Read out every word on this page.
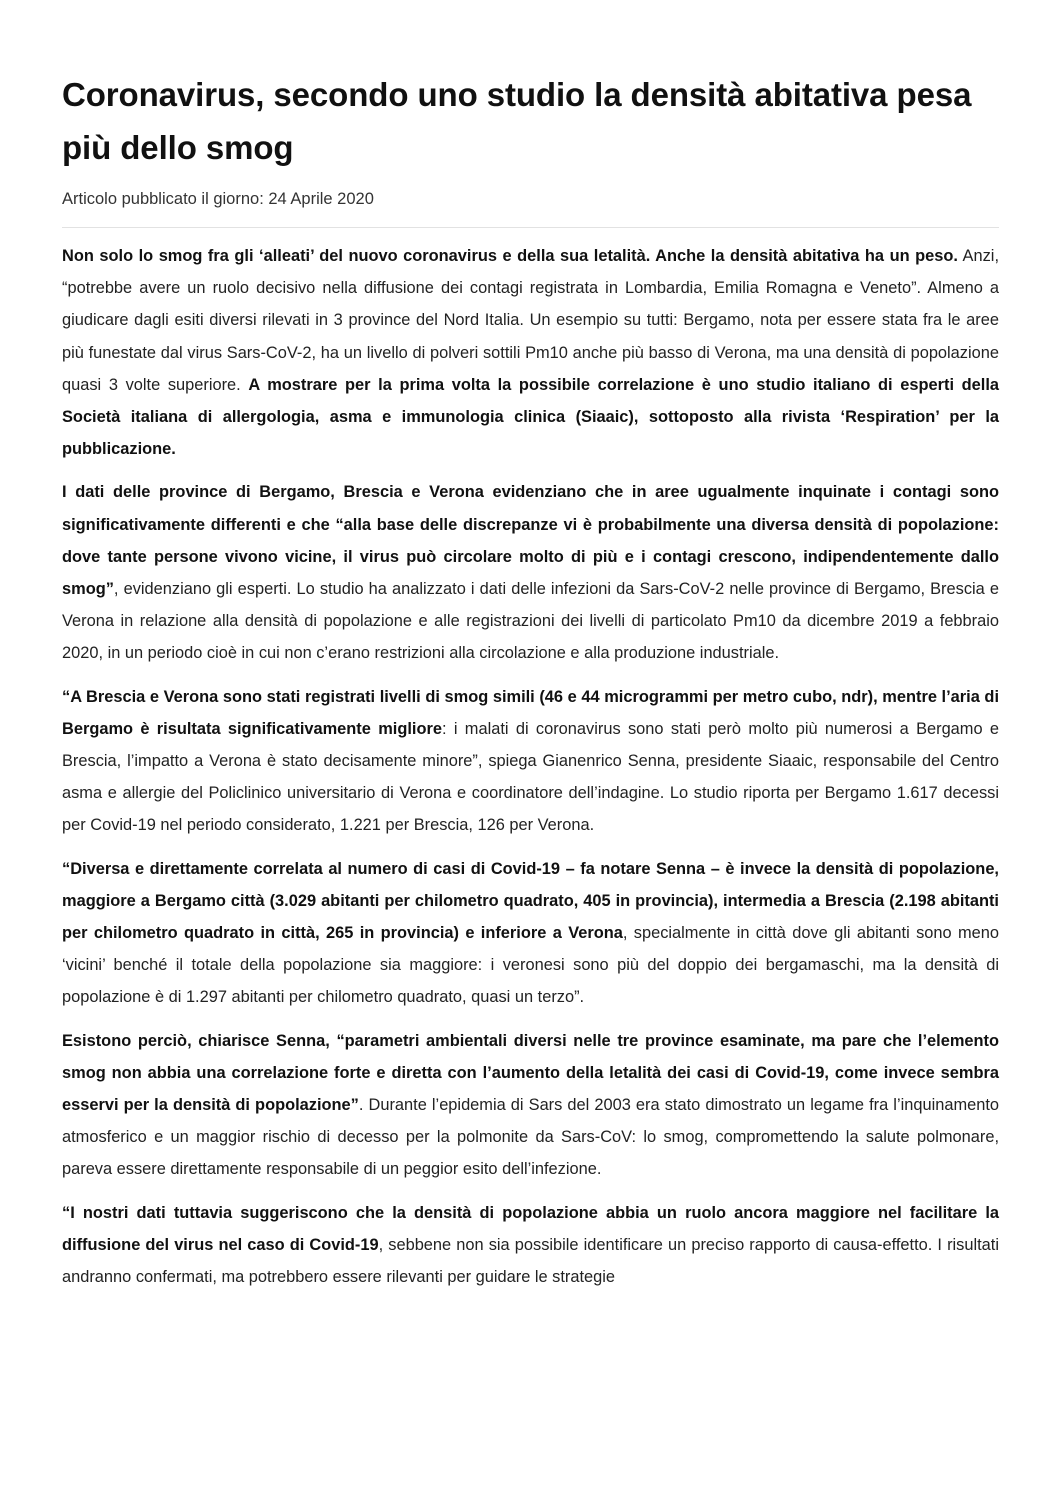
Coronavirus, secondo uno studio la densità abitativa pesa più dello smog
Articolo pubblicato il giorno: 24 Aprile 2020

Non solo lo smog fra gli ‘alleati’ del nuovo coronavirus e della sua letalità. Anche la densità abitativa ha un peso. Anzi, “potrebbe avere un ruolo decisivo nella diffusione dei contagi registrata in Lombardia, Emilia Romagna e Veneto”. Almeno a giudicare dagli esiti diversi rilevati in 3 province del Nord Italia. Un esempio su tutti: Bergamo, nota per essere stata fra le aree più funestate dal virus Sars-CoV-2, ha un livello di polveri sottili Pm10 anche più basso di Verona, ma una densità di popolazione quasi 3 volte superiore. A mostrare per la prima volta la possibile correlazione è uno studio italiano di esperti della Società italiana di allergologia, asma e immunologia clinica (Siaaic), sottoposto alla rivista ‘Respiration’ per la pubblicazione.

I dati delle province di Bergamo, Brescia e Verona evidenziano che in aree ugualmente inquinate i contagi sono significativamente differenti e che “alla base delle discrepanze vi è probabilmente una diversa densità di popolazione: dove tante persone vivono vicine, il virus può circolare molto di più e i contagi crescono, indipendentemente dallo smog”, evidenziano gli esperti. Lo studio ha analizzato i dati delle infezioni da Sars-CoV-2 nelle province di Bergamo, Brescia e Verona in relazione alla densità di popolazione e alle registrazioni dei livelli di particolato Pm10 da dicembre 2019 a febbraio 2020, in un periodo cioè in cui non c’erano restrizioni alla circolazione e alla produzione industriale.

“A Brescia e Verona sono stati registrati livelli di smog simili (46 e 44 microgrammi per metro cubo, ndr), mentre l’aria di Bergamo è risultata significativamente migliore: i malati di coronavirus sono stati però molto più numerosi a Bergamo e Brescia, l’impatto a Verona è stato decisamente minore”, spiega Gianenrico Senna, presidente Siaaic, responsabile del Centro asma e allergie del Policlinico universitario di Verona e coordinatore dell’indagine. Lo studio riporta per Bergamo 1.617 decessi per Covid-19 nel periodo considerato, 1.221 per Brescia, 126 per Verona.

“Diversa e direttamente correlata al numero di casi di Covid-19 – fa notare Senna – è invece la densità di popolazione, maggiore a Bergamo città (3.029 abitanti per chilometro quadrato, 405 in provincia), intermedia a Brescia (2.198 abitanti per chilometro quadrato in città, 265 in provincia) e inferiore a Verona, specialmente in città dove gli abitanti sono meno ‘vicini’ benché il totale della popolazione sia maggiore: i veronesi sono più del doppio dei bergamaschi, ma la densità di popolazione è di 1.297 abitanti per chilometro quadrato, quasi un terzo”.

Esistono perciò, chiarisce Senna, “parametri ambientali diversi nelle tre province esaminate, ma pare che l’elemento smog non abbia una correlazione forte e diretta con l’aumento della letalità dei casi di Covid-19, come invece sembra esservi per la densità di popolazione”. Durante l’epidemia di Sars del 2003 era stato dimostrato un legame fra l’inquinamento atmosferico e un maggior rischio di decesso per la polmonite da Sars-CoV: lo smog, compromettendo la salute polmonare, pareva essere direttamente responsabile di un peggior esito dell’infezione.

“I nostri dati tuttavia suggeriscono che la densità di popolazione abbia un ruolo ancora maggiore nel facilitare la diffusione del virus nel caso di Covid-19, sebbene non sia possibile identificare un preciso rapporto di causa-effetto. I risultati andranno confermati, ma potrebbero essere rilevanti per guidare le strategie
